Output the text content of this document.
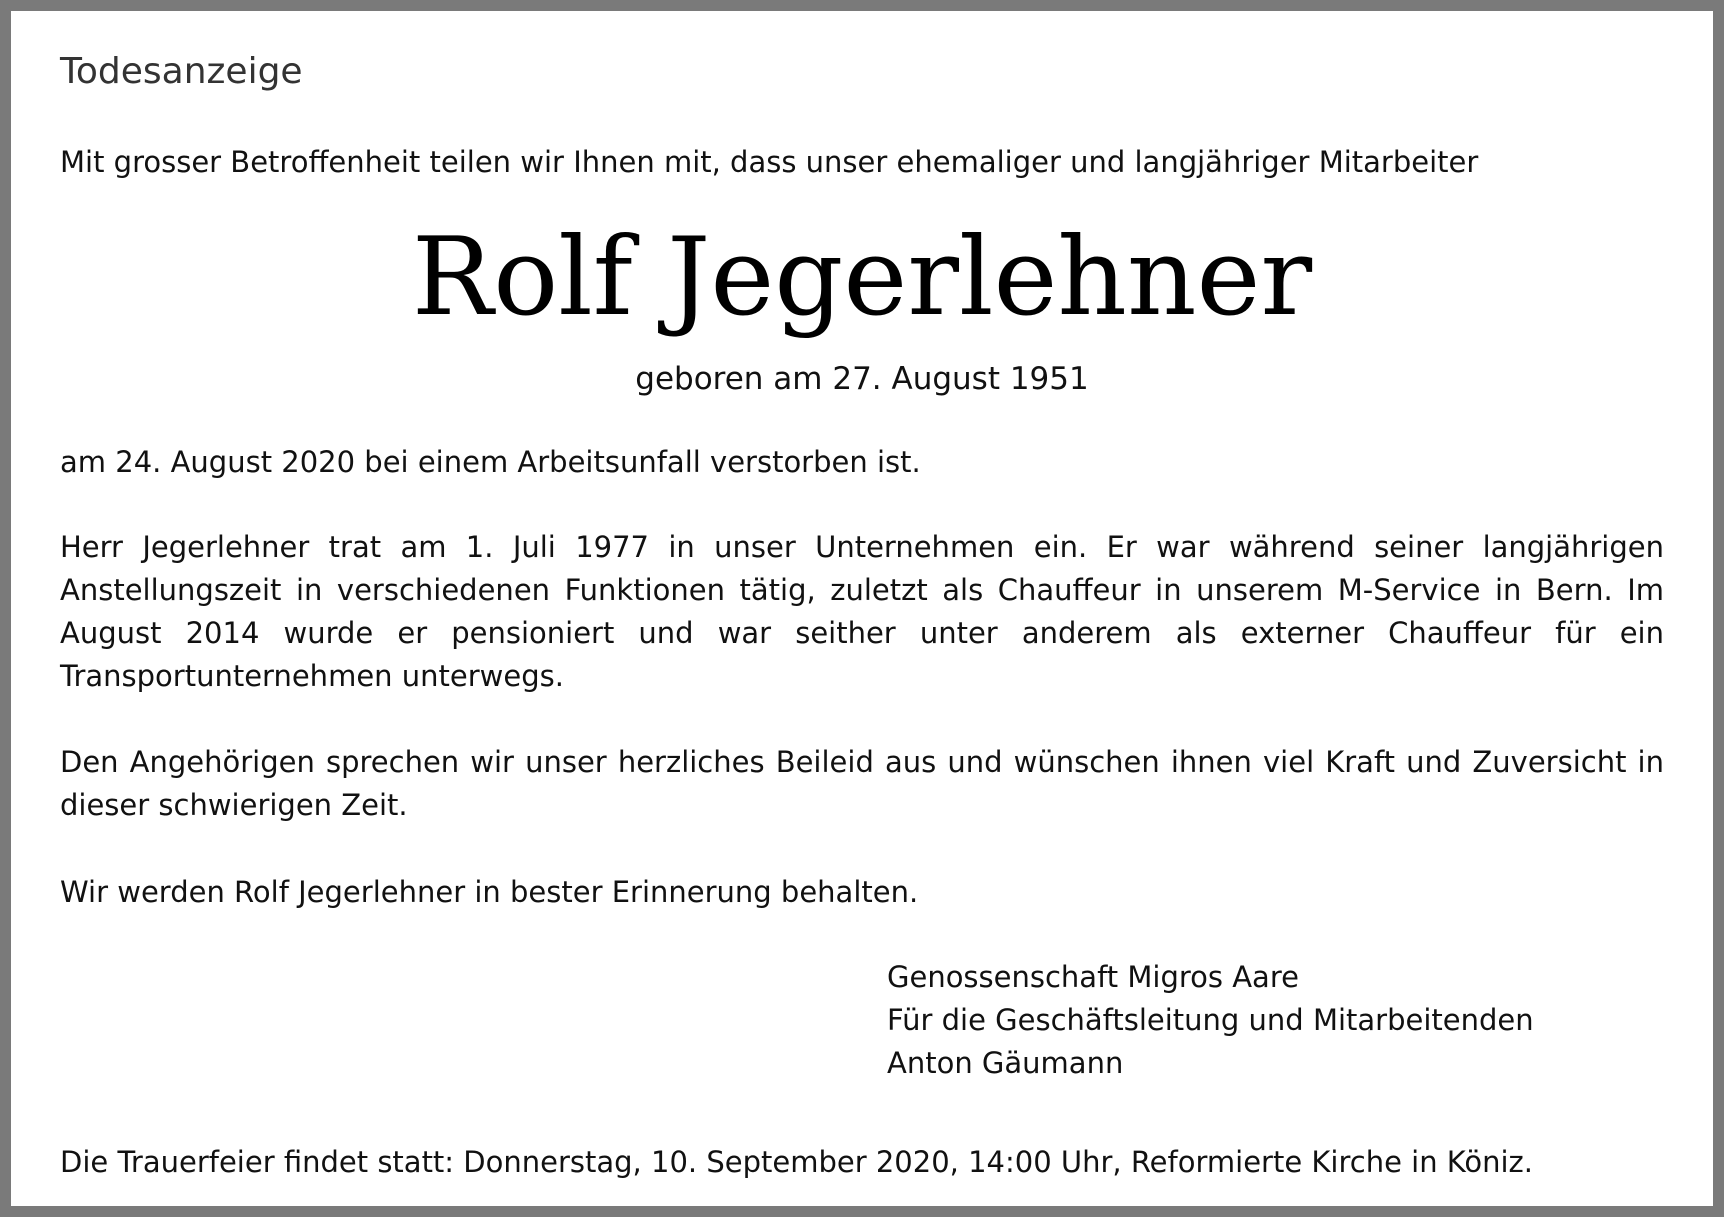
Todesanzeige
Mit grosser Betroffenheit teilen wir Ihnen mit, dass unser ehemaliger und langjähriger Mitarbeiter
Rolf Jegerlehner
geboren am 27. August 1951
am 24. August 2020 bei einem Arbeitsunfall verstorben ist.
Herr Jegerlehner trat am 1. Juli 1977 in unser Unternehmen ein. Er war während seiner langjährigen Anstellungszeit in verschiedenen Funktionen tätig, zuletzt als Chauffeur in unserem M-Service in Bern. Im August 2014 wurde er pensioniert und war seither unter anderem als externer Chauffeur für ein Transportunternehmen unterwegs.
Den Angehörigen sprechen wir unser herzliches Beileid aus und wünschen ihnen viel Kraft und Zuversicht in dieser schwierigen Zeit.
Wir werden Rolf Jegerlehner in bester Erinnerung behalten.
Genossenschaft Migros Aare
Für die Geschäftsleitung und Mitarbeitenden
Anton Gäumann
Die Trauerfeier findet statt: Donnerstag, 10. September 2020, 14:00 Uhr, Reformierte Kirche in Köniz.
